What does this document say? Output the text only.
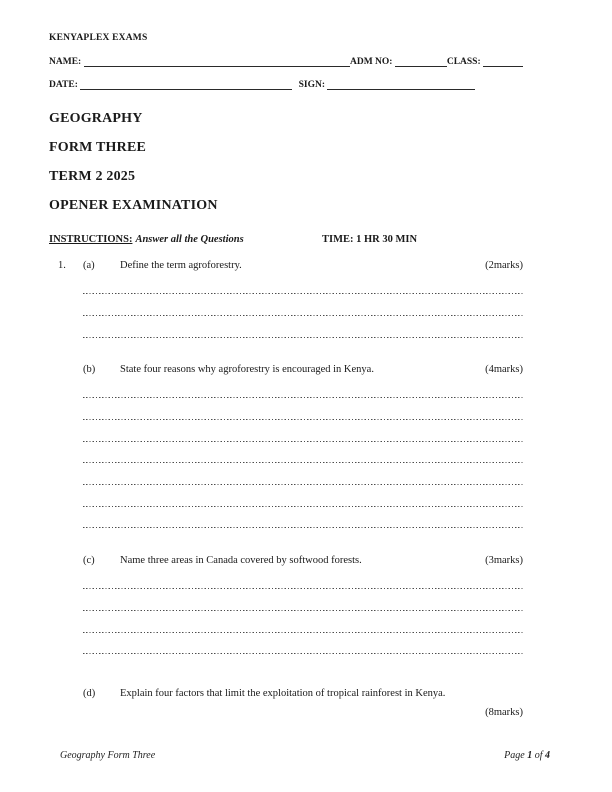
KENYAPLEX EXAMS
NAME:	ADM NO:	CLASS:
DATE:	SIGN:
GEOGRAPHY
FORM THREE
TERM 2 2025
OPENER EXAMINATION
INSTRUCTIONS: Answer all the Questions	TIME: 1 HR 30 MIN
1.	(a)	Define the term agroforestry.	(2marks)
(b)	State four reasons why agroforestry is encouraged in Kenya.	(4marks)
(c)	Name three areas in Canada covered by softwood forests.	(3marks)
(d)	Explain four factors that limit the exploitation of tropical rainforest in Kenya.
(8marks)
Geography Form Three	Page 1 of 4
